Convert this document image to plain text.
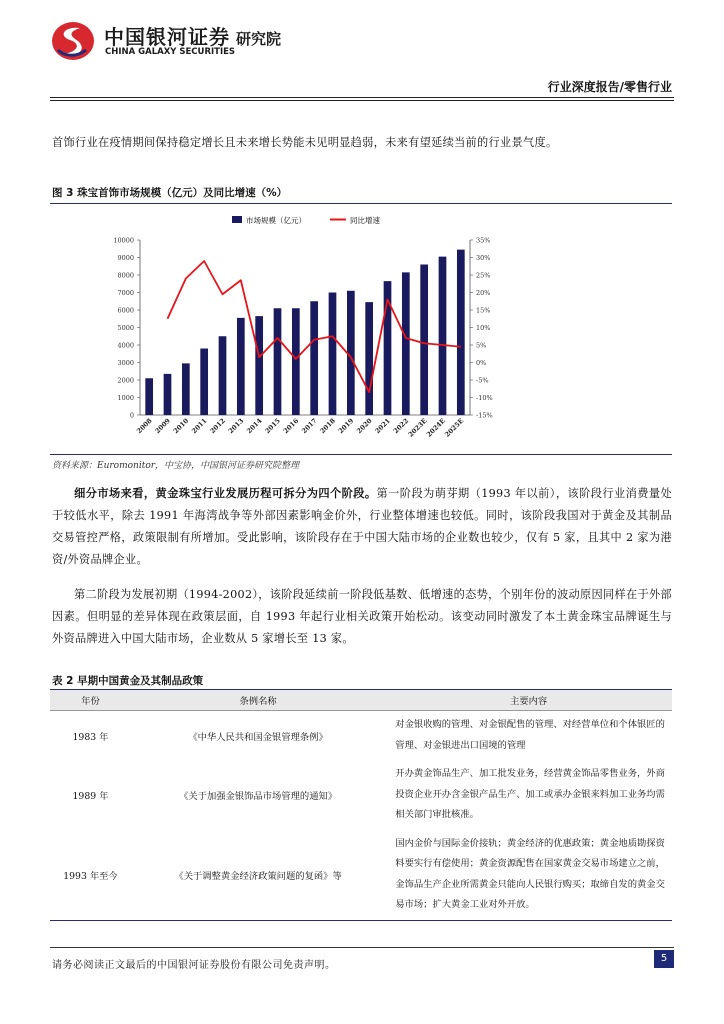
中国银河证券 研究院
CHINA GALAXY SECURITIES
行业深度报告/零售行业

首饰行业在疫情期间保持稳定增长且未来增长势能未见明显趋弱，未来有望延续当前的行业景气度。

图 3 珠宝首饰市场规模（亿元）及同比增速（%）
市场规模（亿元）	同比增速
0
1000
2000
3000
4000
5000
6000
7000
8000
9000
10000
-15%
-10%
-5%
0%
5%
10%
15%
20%
25%
30%
35%
2008 2009 2010 2011 2012 2013 2014 2015 2016 2017 2018 2019 2020 2021 2022
2023E
2024E
2025E
资料来源：Euromonitor，中宝协，中国银河证券研究院整理

细分市场来看，黄金珠宝行业发展历程可拆分为四个阶段。第一阶段为萌芽期（1993 年以前），该阶段行业消费量处于较低水平，除去 1991 年海湾战争等外部因素影响金价外，行业整体增速也较低。同时，该阶段我国对于黄金及其制品交易管控严格，政策限制有所增加。受此影响，该阶段存在于中国大陆市场的企业数也较少，仅有 5 家，且其中 2 家为港资/外资品牌企业。

第二阶段为发展初期（1994-2002），该阶段延续前一阶段低基数、低增速的态势，个别年份的波动原因同样在于外部因素。但明显的差异体现在政策层面，自 1993 年起行业相关政策开始松动。该变动同时激发了本土黄金珠宝品牌诞生与外资品牌进入中国大陆市场，企业数从 5 家增长至 13 家。

表 2 早期中国黄金及其制品政策
年份	条例名称	主要内容
1983 年	《中华人民共和国金银管理条例》	对金银收购的管理、对金银配售的管理、对经营单位和个体银匠的管理、对金银进出口国境的管理
1989 年	《关于加强金银饰品市场管理的通知》	开办黄金饰品生产、加工批发业务，经营黄金饰品零售业务，外商投资企业开办含金银产品生产、加工或承办金银来料加工业务均需相关部门审批核准。
1993 年至今	《关于调整黄金经济政策问题的复函》等	国内金价与国际金价接轨；黄金经济的优惠政策；黄金地质勘探资料要实行有偿使用；黄金资源配售在国家黄金交易市场建立之前，金饰品生产企业所需黄金只能向人民银行购买；取缔自发的黄金交易市场；扩大黄金工业对外开放。
请务必阅读正文最后的中国银河证券股份有限公司免责声明。
5
